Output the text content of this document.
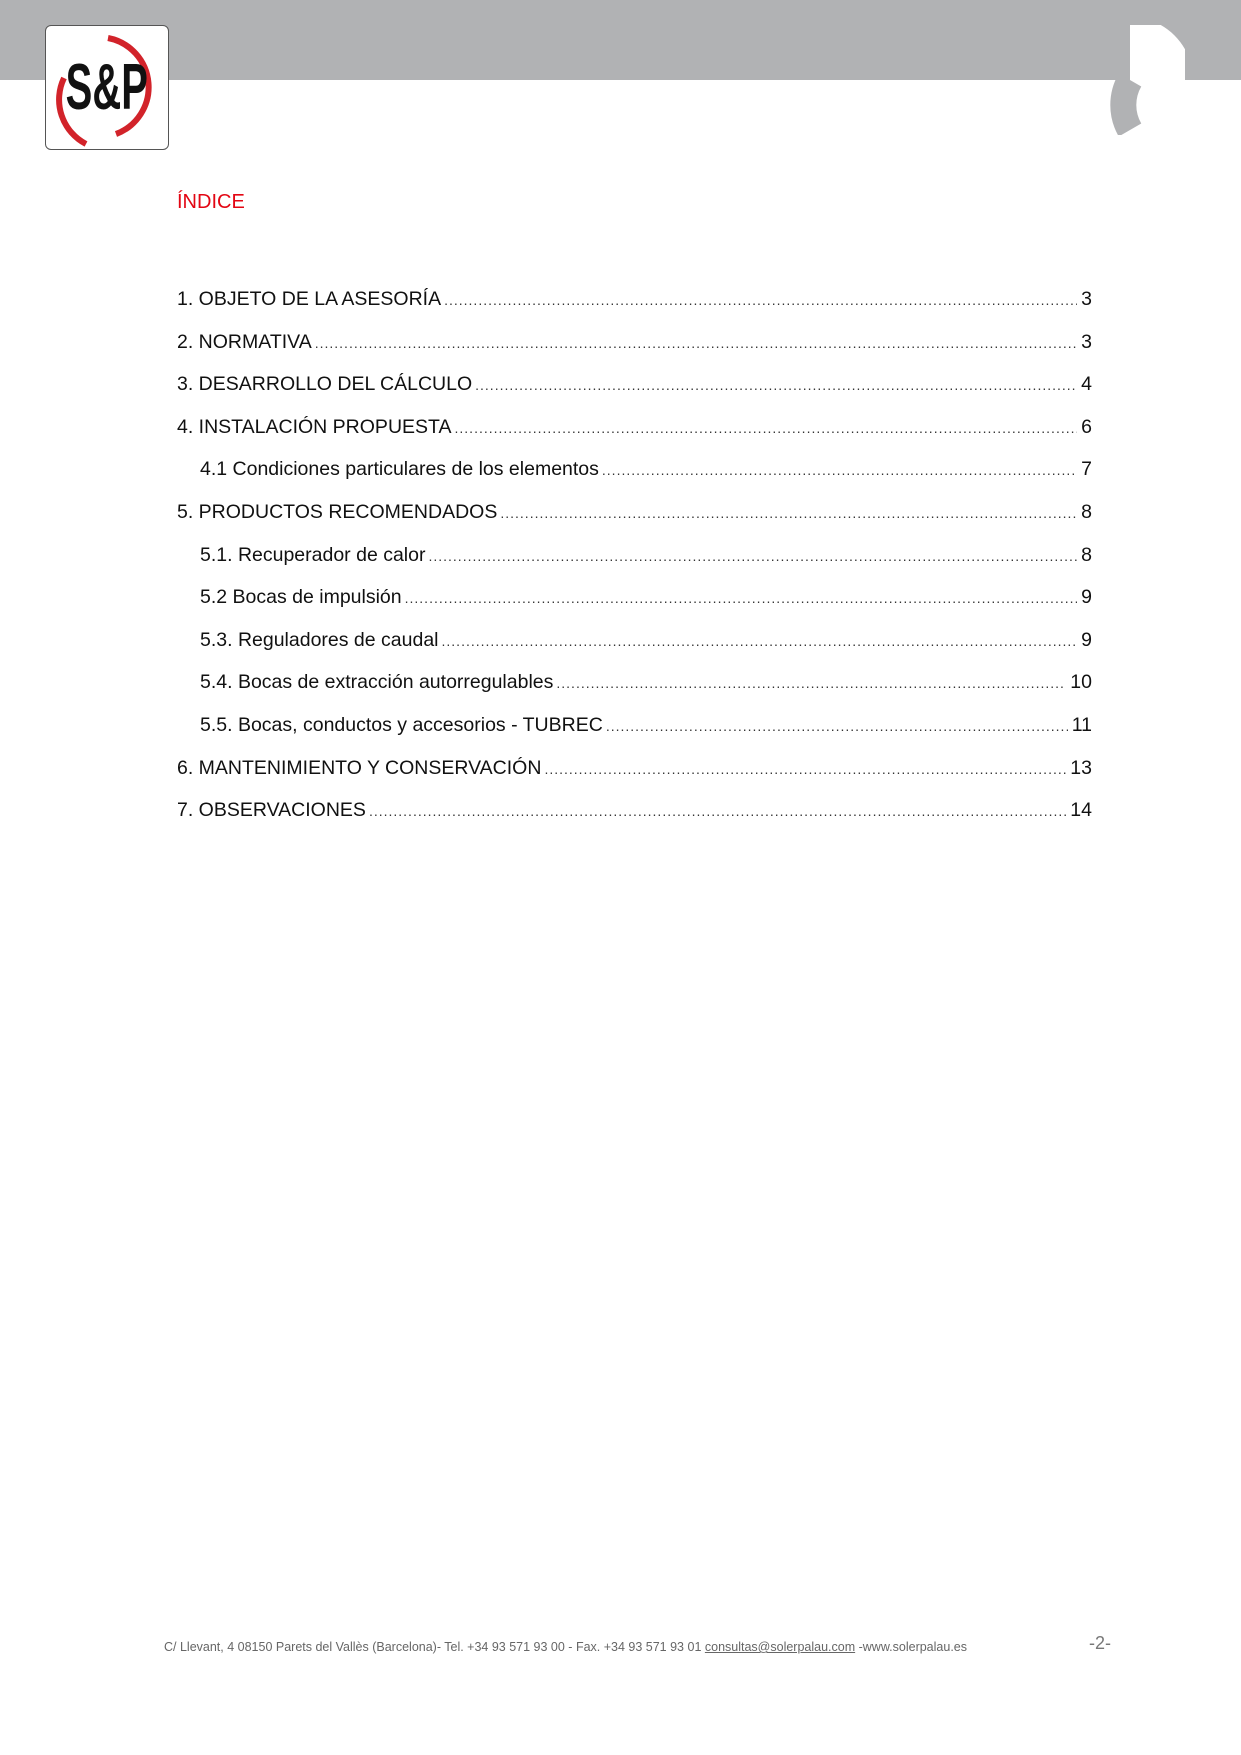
S&P
ÍNDICE
1. OBJETO DE LA ASESORÍA .....	3
2. NORMATIVA .....	3
3. DESARROLLO DEL CÁLCULO .....	4
4. INSTALACIÓN PROPUESTA .....	6
4.1 Condiciones particulares de los elementos .....	7
5. PRODUCTOS RECOMENDADOS .....	8
5.1. Recuperador de calor .....	8
5.2 Bocas de impulsión .....	9
5.3. Reguladores de caudal .....	9
5.4. Bocas de extracción autorregulables .....	10
5.5. Bocas, conductos y accesorios - TUBREC .....	11
6. MANTENIMIENTO Y CONSERVACIÓN .....	13
7. OBSERVACIONES .....	14
C/ Llevant, 4 08150 Parets del Vallès (Barcelona)- Tel. +34 93 571 93 00 - Fax. +34 93 571 93 01 consultas@solerpalau.com -www.solerpalau.es	-2-
